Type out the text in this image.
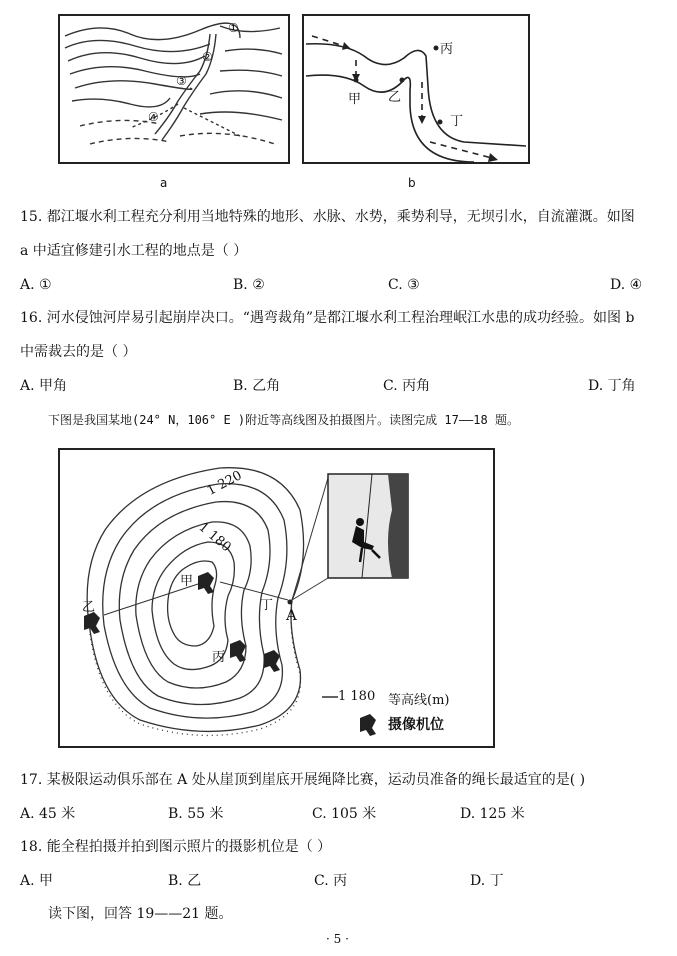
①
②
③
④
a
甲 乙
丙
丁
b
15. 都江堰水利工程充分利用当地特殊的地形、水脉、水势，乘势利导，无坝引水，自流灌溉。如图
a 中适宜修建引水工程的地点是（ ）
A. ①	B. ②	C. ③	D. ④
16. 河水侵蚀河岸易引起崩岸决口。“遇弯裁角”是都江堰水利工程治理岷江水患的成功经验。如图 b
中需裁去的是（ ）
A. 甲角	B. 乙角	C. 丙角	D. 丁角
下图是我国某地(24° N，106° E )附近等高线图及拍摄图片。读图完成 17——18 题。
1 220
1 180
A
甲
乙
丙
丁
1 180 等高线(m)
摄像机位
17. 某极限运动俱乐部在 A 处从崖顶到崖底开展绳降比赛，运动员准备的绳长最适宜的是( )
A. 45 米	B. 55 米	C. 105 米	D. 125 米
18. 能全程拍摄并拍到图示照片的摄影机位是（ ）
A. 甲	B. 乙	C. 丙	D. 丁
读下图，回答 19——21 题。
· 5 ·
